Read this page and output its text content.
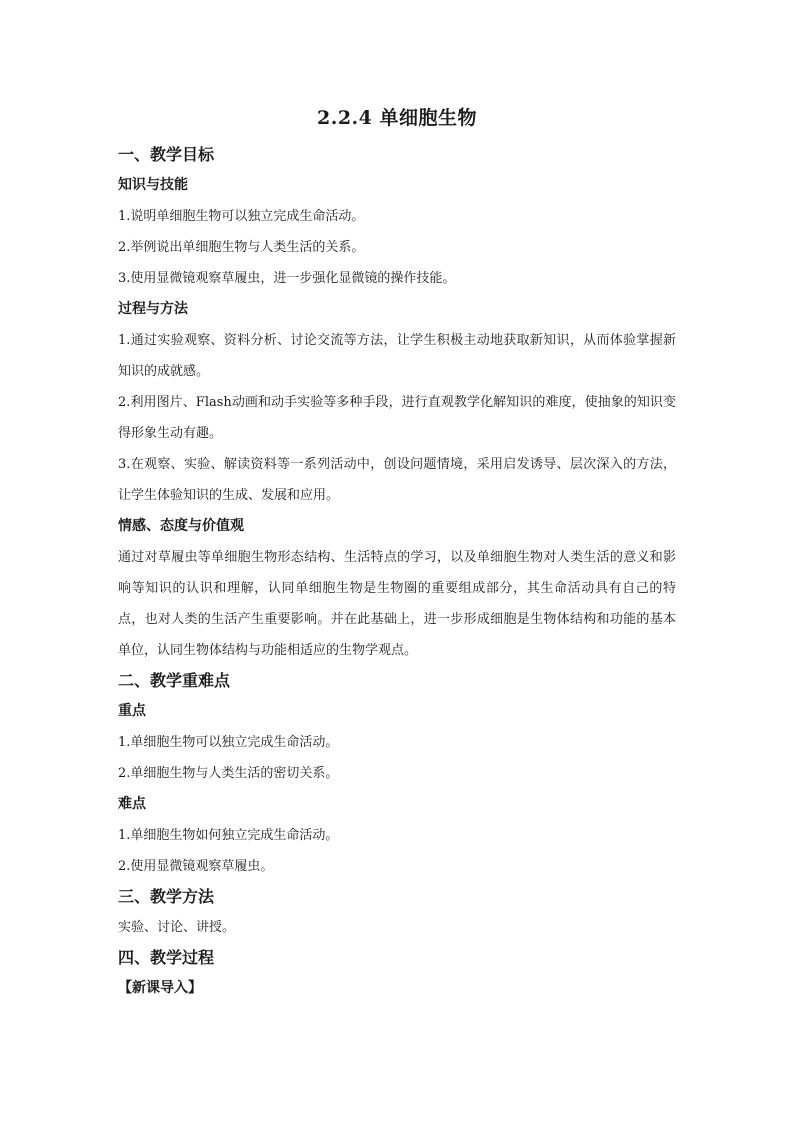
2.2.4 单细胞生物
一、教学目标
知识与技能
1.说明单细胞生物可以独立完成生命活动。
2.举例说出单细胞生物与人类生活的关系。
3.使用显微镜观察草履虫，进一步强化显微镜的操作技能。
过程与方法
1.通过实验观察、资料分析、讨论交流等方法，让学生积极主动地获取新知识，从而体验掌握新知识的成就感。
2.利用图片、Flash动画和动手实验等多种手段，进行直观教学化解知识的难度，使抽象的知识变得形象生动有趣。
3.在观察、实验、解读资料等一系列活动中，创设问题情境，采用启发诱导、层次深入的方法，让学生体验知识的生成、发展和应用。
情感、态度与价值观
通过对草履虫等单细胞生物形态结构、生活特点的学习，以及单细胞生物对人类生活的意义和影响等知识的认识和理解，认同单细胞生物是生物圈的重要组成部分，其生命活动具有自己的特点，也对人类的生活产生重要影响。并在此基础上，进一步形成细胞是生物体结构和功能的基本单位，认同生物体结构与功能相适应的生物学观点。
二、教学重难点
重点
1.单细胞生物可以独立完成生命活动。
2.单细胞生物与人类生活的密切关系。
难点
1.单细胞生物如何独立完成生命活动。
2.使用显微镜观察草履虫。
三、教学方法
实验、讨论、讲授。
四、教学过程
【新课导入】
